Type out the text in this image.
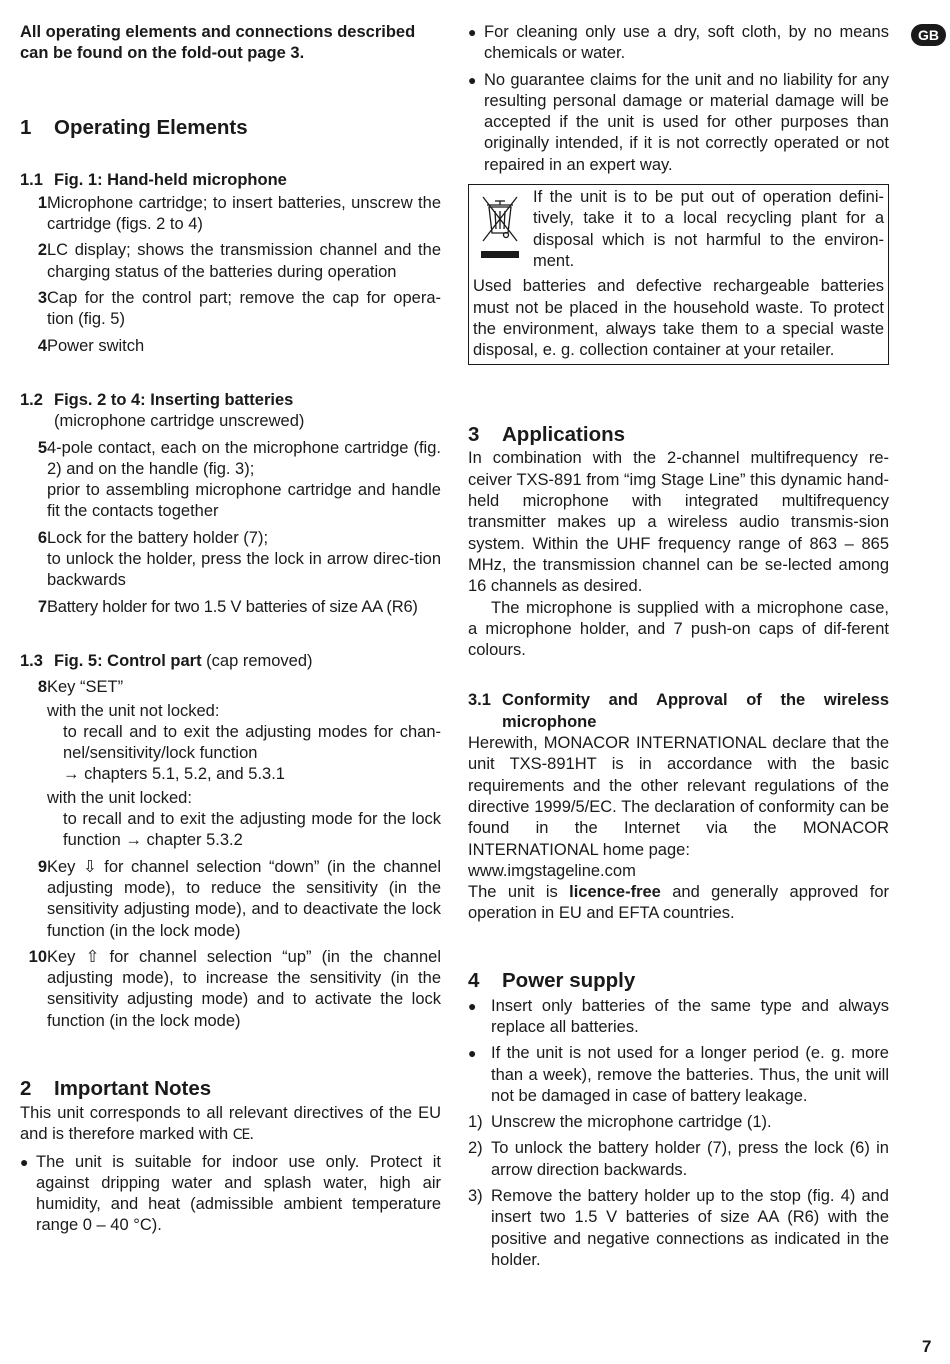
GB

All operating elements and connections described can be found on the fold-out page 3.

1	Operating Elements
1.1 Fig. 1: Hand-held microphone
1 Microphone cartridge; to insert batteries, unscrew the cartridge (figs. 2 to 4)

2 LC display; shows the transmission channel and the charging status of the batteries during operation

3 Cap for the control part; remove the cap for opera-tion (fig. 5)

4 Power switch

1.2 Figs. 2 to 4: Inserting batteries

(microphone cartridge unscrewed)

5 4-pole contact, each on the microphone cartridge (fig. 2) and on the handle (fig. 3);

prior to assembling microphone cartridge and handle fit the contacts together

6 Lock for the battery holder (7);

to unlock the holder, press the lock in arrow direc-tion backwards

7 Battery holder for two 1.5 V batteries of size AA (R6)

1.3 Fig. 5: Control part (cap removed)
8 Key “SET”

with the unit not locked:

to recall and to exit the adjusting modes for chan-nel/sensitivity/lock function

→ chapters 5.1, 5.2, and 5.3.1

with the unit locked:

to recall and to exit the adjusting mode for the lock function → chapter 5.3.2

9 Key ⇩ for channel selection “down” (in the channel adjusting mode), to reduce the sensitivity (in the sensitivity adjusting mode), and to deactivate the lock function (in the lock mode)

10 Key ⇧ for channel selection “up” (in the channel adjusting mode), to increase the sensitivity (in the sensitivity adjusting mode) and to activate the lock function (in the lock mode)

2	Important Notes

This unit corresponds to all relevant directives of the EU and is therefore marked with CE.

● The unit is suitable for indoor use only. Protect it against dripping water and splash water, high air humidity, and heat (admissible ambient temperature range 0 – 40 °C).

● For cleaning only use a dry, soft cloth, by no means chemicals or water.

● No guarantee claims for the unit and no liability for any resulting personal damage or material damage will be accepted if the unit is used for other purposes than originally intended, if it is not correctly operated or not repaired in an expert way.

If the unit is to be put out of operation defini-tively, take it to a local recycling plant for a disposal which is not harmful to the environ-ment.

Used batteries and defective rechargeable batteries must not be placed in the household waste. To protect the environment, always take them to a special waste disposal, e. g. collection container at your retailer.

3	Applications

In combination with the 2-channel multifrequency re-ceiver TXS-891 from “img Stage Line” this dynamic hand-held microphone with integrated multifrequency transmitter makes up a wireless audio transmis-sion system. Within the UHF frequency range of 863 – 865 MHz, the transmission channel can be se-lected among 16 channels as desired.

The microphone is supplied with a microphone case, a microphone holder, and 7 push-on caps of dif-ferent colours.

3.1 Conformity and Approval of the wireless
microphone

Herewith, MONACOR INTERNATIONAL declare that the unit TXS-891HT is in accordance with the basic requirements and the other relevant regulations of the directive 1999/5/EC. The declaration of conformity can be found in the Internet via the MONACOR INTERNATIONAL home page:

www.imgstageline.com

The unit is licence-free and generally approved for operation in EU and EFTA countries.

4	Power supply
● Insert only batteries of the same type and always replace all batteries.

● If the unit is not used for a longer period (e. g. more than a week), remove the batteries. Thus, the unit will not be damaged in case of battery leakage.

1) Unscrew the microphone cartridge (1).

2) To unlock the battery holder (7), press the lock (6) in arrow direction backwards.

3) Remove the battery holder up to the stop (fig. 4) and insert two 1.5 V batteries of size AA (R6) with the positive and negative connections as indicated in the holder.

7
